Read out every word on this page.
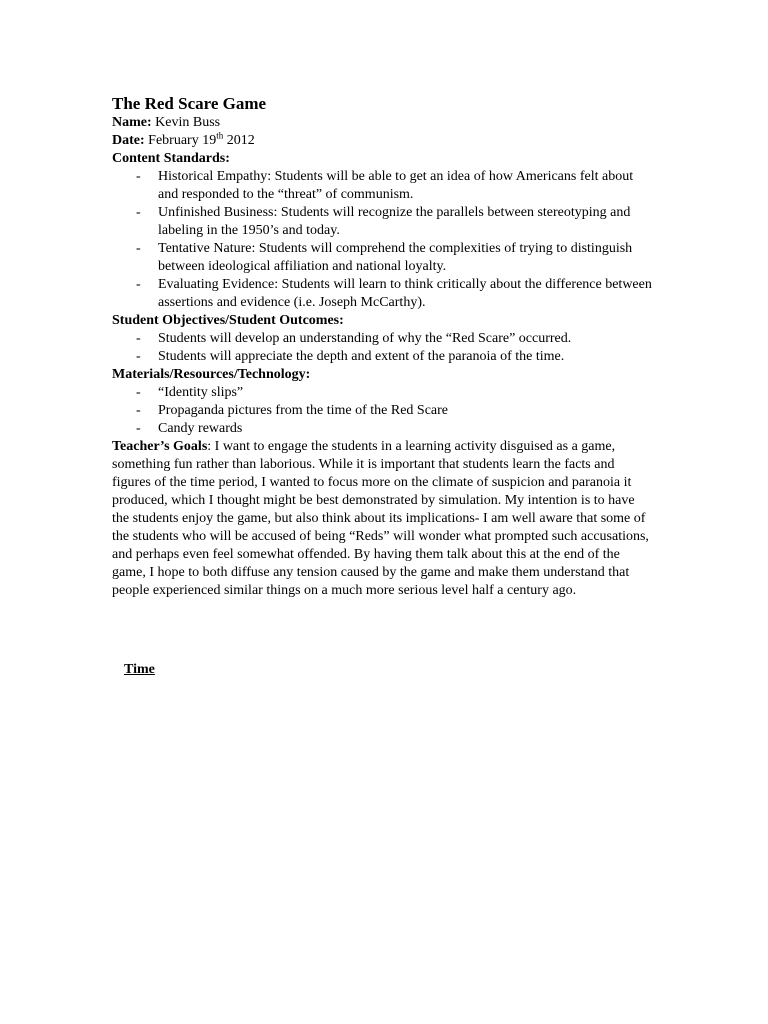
The Red Scare Game

Name: Kevin Buss

Date: February 19th 2012

Content Standards:

- Historical Empathy: Students will be able to get an idea of how Americans felt about and responded to the “threat” of communism.
- Unfinished Business: Students will recognize the parallels between stereotyping and labeling in the 1950’s and today.
- Tentative Nature: Students will comprehend the complexities of trying to distinguish between ideological affiliation and national loyalty.
- Evaluating Evidence: Students will learn to think critically about the difference between assertions and evidence (i.e. Joseph McCarthy).

Student Objectives/Student Outcomes:

- Students will develop an understanding of why the “Red Scare” occurred.
- Students will appreciate the depth and extent of the paranoia of the time.

Materials/Resources/Technology:

- “Identity slips”
- Propaganda pictures from the time of the Red Scare
- Candy rewards

Teacher’s Goals: I want to engage the students in a learning activity disguised as a game, something fun rather than laborious. While it is important that students learn the facts and figures of the time period, I wanted to focus more on the climate of suspicion and paranoia it produced, which I thought might be best demonstrated by simulation. My intention is to have the students enjoy the game, but also think about its implications- I am well aware that some of the students who will be accused of being “Reds” will wonder what prompted such accusations, and perhaps even feel somewhat offended. By having them talk about this at the end of the game, I hope to both diffuse any tension caused by the game and make them understand that people experienced similar things on a much more serious level half a century ago.

Time
